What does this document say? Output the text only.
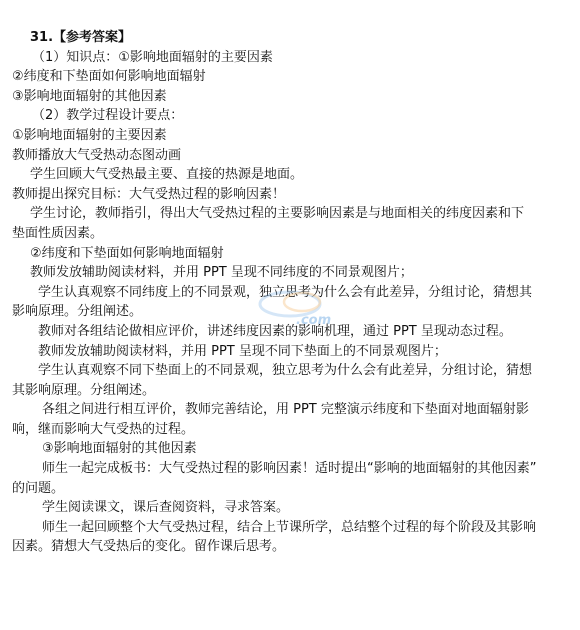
31.【参考答案】
（1）知识点：①影响地面辐射的主要因素
②纬度和下垫面如何影响地面辐射
③影响地面辐射的其他因素
（2）教学过程设计要点：
①影响地面辐射的主要因素
教师播放大气受热动态图动画
学生回顾大气受热最主要、直接的热源是地面。
教师提出探究目标：大气受热过程的影响因素！
学生讨论，教师指引，得出大气受热过程的主要影响因素是与地面相关的纬度因素和下
垫面性质因素。
②纬度和下垫面如何影响地面辐射
教师发放辅助阅读材料，并用 PPT 呈现不同纬度的不同景观图片；
学生认真观察不同纬度上的不同景观，独立思考为什么会有此差异，分组讨论，猜想其
影响原理。分组阐述。
教师对各组结论做相应评价，讲述纬度因素的影响机理，通过 PPT 呈现动态过程。
教师发放辅助阅读材料，并用 PPT 呈现不同下垫面上的不同景观图片；
学生认真观察不同下垫面上的不同景观，独立思考为什么会有此差异，分组讨论，猜想
其影响原理。分组阐述。
各组之间进行相互评价，教师完善结论，用 PPT 完整演示纬度和下垫面对地面辐射影
响，继而影响大气受热的过程。
③影响地面辐射的其他因素
师生一起完成板书：大气受热过程的影响因素！适时提出“影响的地面辐射的其他因素”
的问题。
学生阅读课文，课后查阅资料，寻求答案。
师生一起回顾整个大气受热过程，结合上节课所学，总结整个过程的每个阶段及其影响
因素。猜想大气受热后的变化。留作课后思考。
.com
